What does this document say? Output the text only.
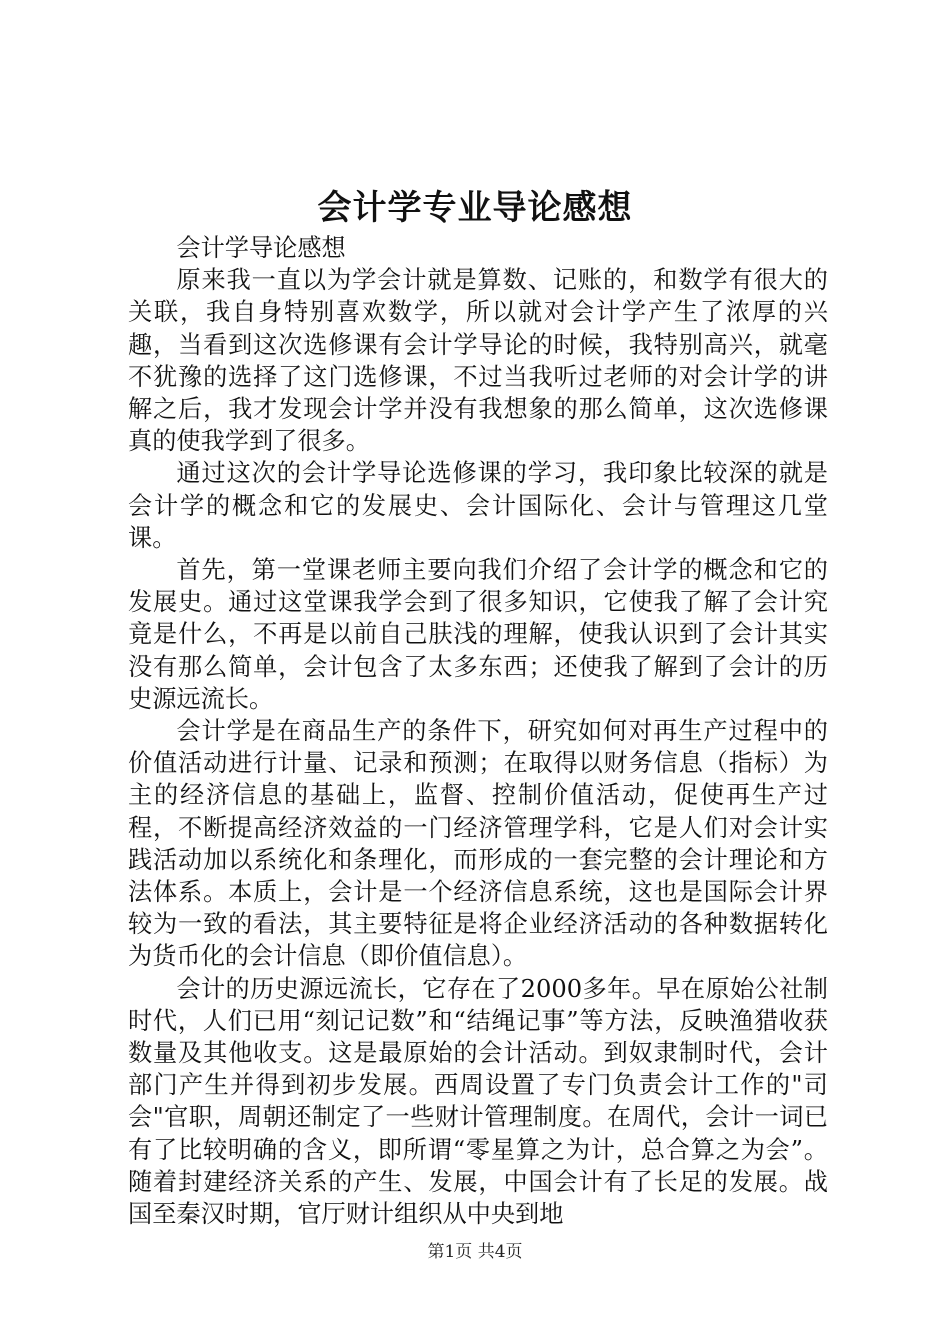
会计学专业导论感想

会计学导论感想

原来我一直以为学会计就是算数、记账的，和数学有很大的关联，我自身特别喜欢数学，所以就对会计学产生了浓厚的兴趣，当看到这次选修课有会计学导论的时候，我特别高兴，就毫不犹豫的选择了这门选修课，不过当我听过老师的对会计学的讲解之后，我才发现会计学并没有我想象的那么简单，这次选修课真的使我学到了很多。

通过这次的会计学导论选修课的学习，我印象比较深的就是会计学的概念和它的发展史、会计国际化、会计与管理这几堂课。

首先，第一堂课老师主要向我们介绍了会计学的概念和它的发展史。通过这堂课我学会到了很多知识，它使我了解了会计究竟是什么，不再是以前自己肤浅的理解，使我认识到了会计其实没有那么简单，会计包含了太多东西；还使我了解到了会计的历史源远流长。

会计学是在商品生产的条件下，研究如何对再生产过程中的价值活动进行计量、记录和预测；在取得以财务信息（指标）为主的经济信息的基础上，监督、控制价值活动，促使再生产过程，不断提高经济效益的一门经济管理学科，它是人们对会计实践活动加以系统化和条理化，而形成的一套完整的会计理论和方法体系。本质上，会计是一个经济信息系统，这也是国际会计界较为一致的看法，其主要特征是将企业经济活动的各种数据转化为货币化的会计信息（即价值信息）。

会计的历史源远流长，它存在了2000多年。早在原始公社制时代，人们已用“刻记记数”和“结绳记事”等方法，反映渔猎收获数量及其他收支。这是最原始的会计活动。到奴隶制时代，会计部门产生并得到初步发展。西周设置了专门负责会计工作的"司会"官职，周朝还制定了一些财计管理制度。在周代，会计一词已有了比较明确的含义，即所谓“零星算之为计，总合算之为会”。随着封建经济关系的产生、发展，中国会计有了长足的发展。战国至秦汉时期，官厅财计组织从中央到地

第1页 共4页
